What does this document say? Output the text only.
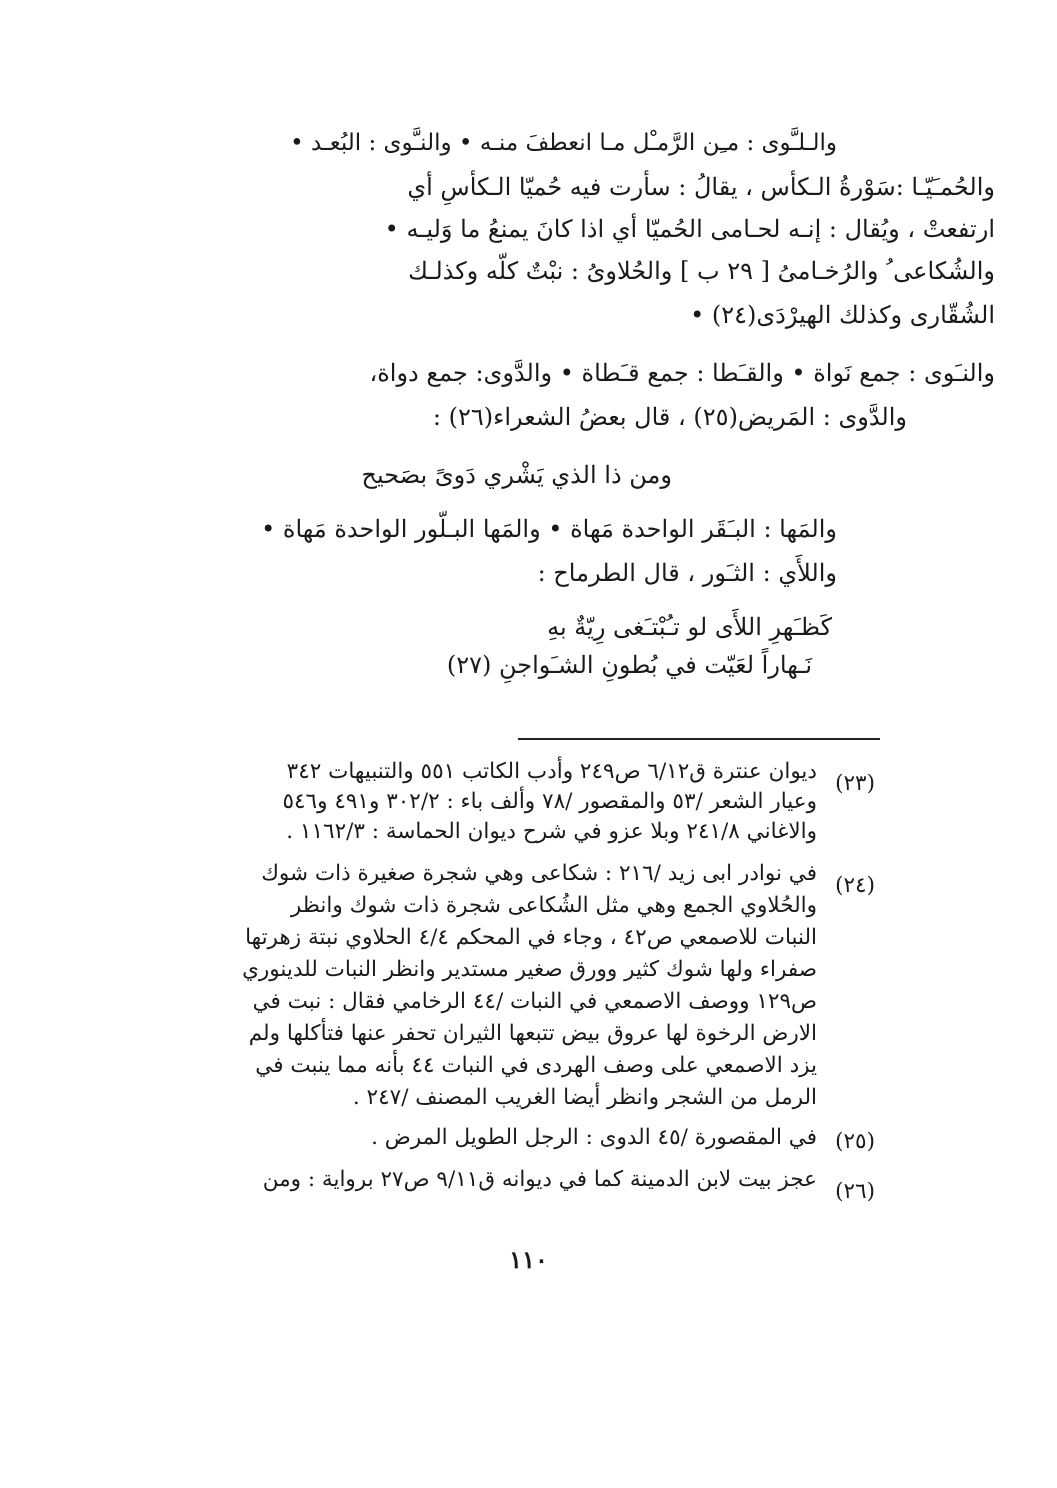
والـلـَّوى : مـِن الرَّمـْل مـا انعطفَ منـه • والنـَّوى : البُعـد •
والحُمـَيّـا :سَوْرةُ الـكأس ، يقالُ : سأرت فيه حُميّا الـكأسِ أي
ارتفعتْ ، ويُقال : إنـه لحـامى الحُميّا أي اذا كانَ يمنعُ ما وَليـه •
والشُكاعى ُ والرُخـامىُ [ ٢٩ ب ] والحُلاوىُ : نبْتٌ كلّه وكذلـك
الشُقّارى وكذلك الهيرْدَى(٢٤) •
والنـَوى : جمع نَواة • والقـَطا : جمع قـَطاة • والدَّوى: جمع دواة،
والدَّوى : المَريض(٢٥) ، قال بعضُ الشعراء(٢٦) :
ومن ذا الذي يَشْري دَوىً بصَحيح
والمَها : البـَقَر الواحدة مَهاة • والمَها البـلّور الواحدة مَهاة •
واللأَي : الثـَور ، قال الطرماح :
كَظـَهرِ اللأَى لو تـُبْتـَغى رِيّةٌ بهِ
نَـهاراً لعَيّت في بُطونِ الشـَواجنِ (٢٧)
(٢٣)
ديوان عنترة ق٦/١٢ ص٢٤٩ وأدب الكاتب ٥٥١ والتنبيهات ٣٤٢
وعيار الشعر /٥٣ والمقصور /٧٨ وألف باء : ٣٠٢/٢ و٤٩١ و٥٤٦
والاغاني ٢٤١/٨ وبلا عزو في شرح ديوان الحماسة : ١١٦٢/٣ .
(٢٤)
في نوادر ابى زيد /٢١٦ : شكاعى وهي شجرة صغيرة ذات شوك
والحُلاوي الجمع وهي مثل الشُكاعى شجرة ذات شوك وانظر
النبات للاصمعي ص٤٢ ، وجاء في المحكم ٤/٤ الحلاوي نبتة زهرتها
صفراء ولها شوك كثير وورق صغير مستدير وانظر النبات للدينوري
ص١٢٩ ووصف الاصمعي في النبات /٤٤ الرخامي فقال : نبت في
الارض الرخوة لها عروق بيض تتبعها الثيران تحفر عنها فتأكلها ولم
يزد الاصمعي على وصف الهردى في النبات ٤٤ بأنه مما ينبت في
الرمل من الشجر وانظر أيضا الغريب المصنف /٢٤٧ .
(٢٥)
في المقصورة /٤٥ الدوى : الرجل الطويل المرض .
(٢٦)
عجز بيت لابن الدمينة كما في ديوانه ق٩/١١ ص٢٧ برواية : ومن
١١٠
